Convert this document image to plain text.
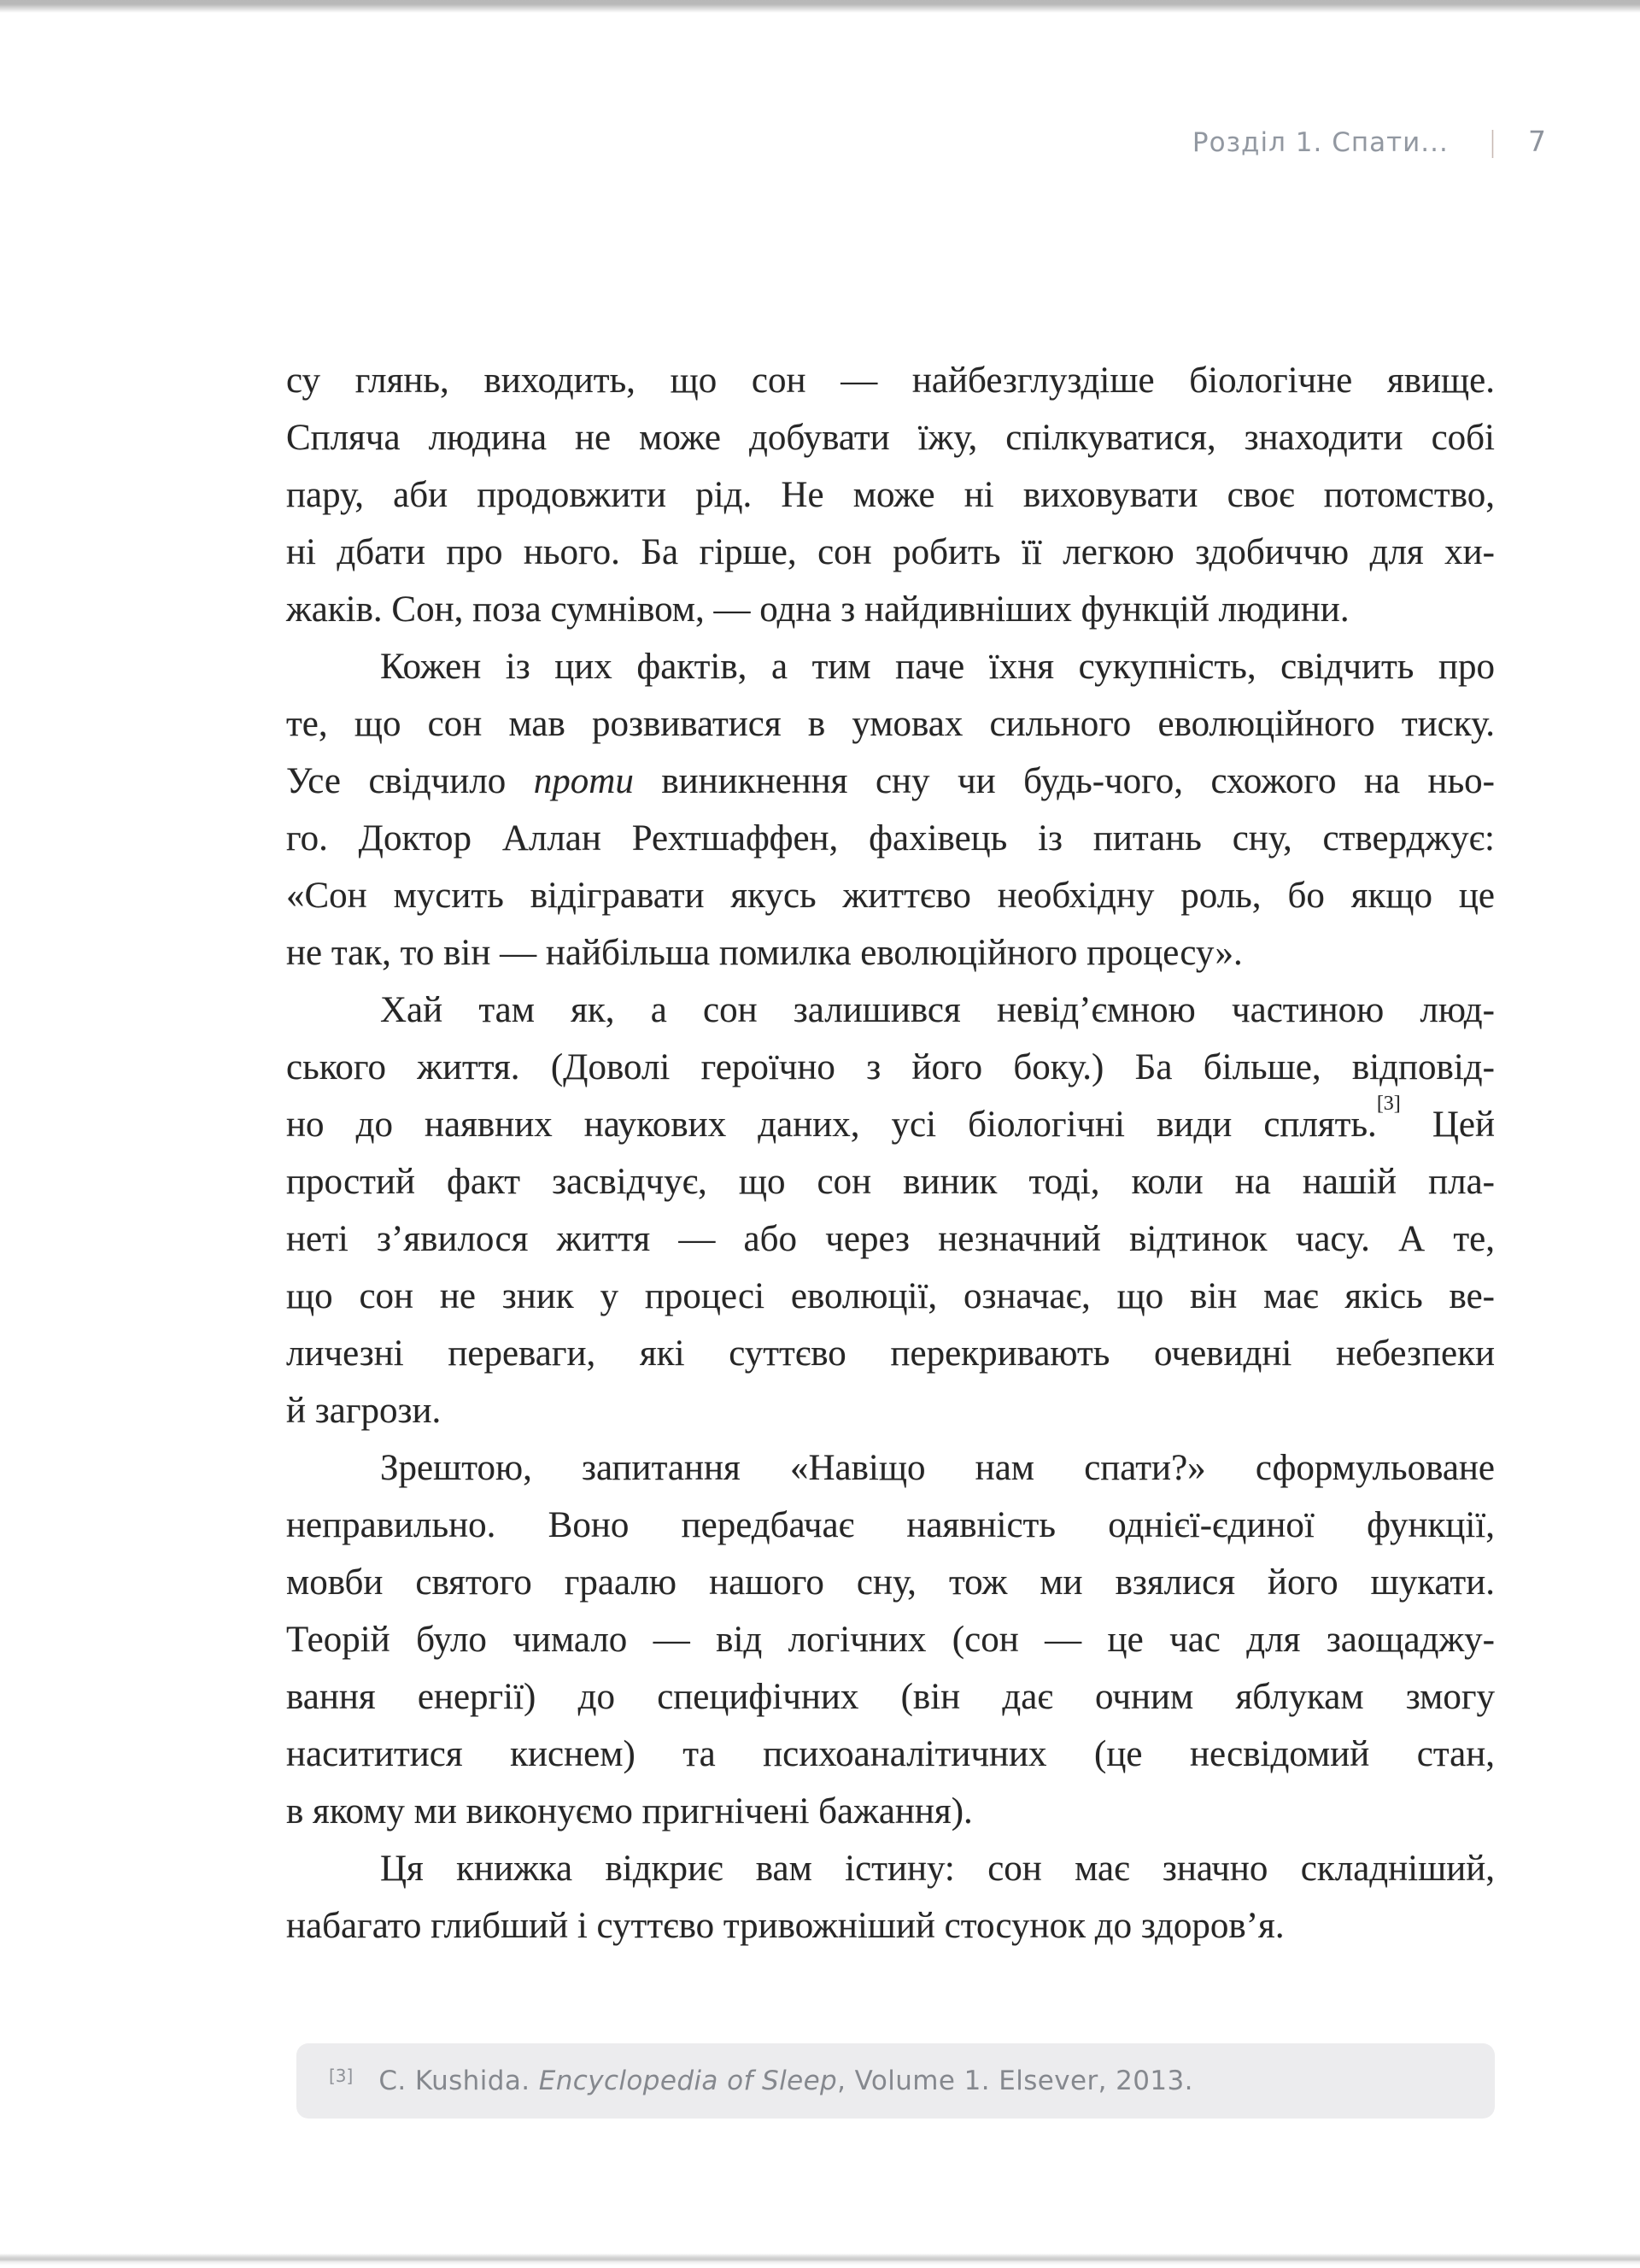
Розділ 1. Спати... | 7
су глянь, виходить, що сон — найбезглуздіше біологічне явище.
Спляча людина не може добувати їжу, спілкуватися, знаходити собі
пару, аби продовжити рід. Не може ні виховувати своє потомство,
ні дбати про нього. Ба гірше, сон робить її легкою здобиччю для хи-
жаків. Сон, поза сумнівом, — одна з найдивніших функцій людини.
Кожен із цих фактів, а тим паче їхня сукупність, свідчить про
те, що сон мав розвиватися в умовах сильного еволюційного тиску.
Усе свідчило проти виникнення сну чи будь-чого, схожого на ньо-
го. Доктор Аллан Рехтшаффен, фахівець із питань сну, стверджує:
«Сон мусить відігравати якусь життєво необхідну роль, бо якщо це
не так, то він — найбільша помилка еволюційного процесу».
Хай там як, а сон залишився невід’ємною частиною люд-
ського життя. (Доволі героїчно з його боку.) Ба більше, відповід-
но до наявних наукових даних, усі біологічні види сплять.[3] Цей
простий факт засвідчує, що сон виник тоді, коли на нашій пла-
неті з’явилося життя — або через незначний відтинок часу. А те,
що сон не зник у процесі еволюції, означає, що він має якісь ве-
личезні переваги, які суттєво перекривають очевидні небезпеки
й загрози.
Зрештою, запитання «Навіщо нам спати?» сформульоване
неправильно. Воно передбачає наявність однієї-єдиної функції,
мовби святого граалю нашого сну, тож ми взялися його шукати.
Теорій було чимало — від логічних (сон — це час для заощаджу-
вання енергії) до специфічних (він дає очним яблукам змогу
насититися киснем) та психоаналітичних (це несвідомий стан,
в якому ми виконуємо пригнічені бажання).
Ця книжка відкриє вам істину: сон має значно складніший,
набагато глибший і суттєво тривожніший стосунок до здоров’я.
[3] C. Kushida. Encyclopedia of Sleep, Volume 1. Elsever, 2013.
